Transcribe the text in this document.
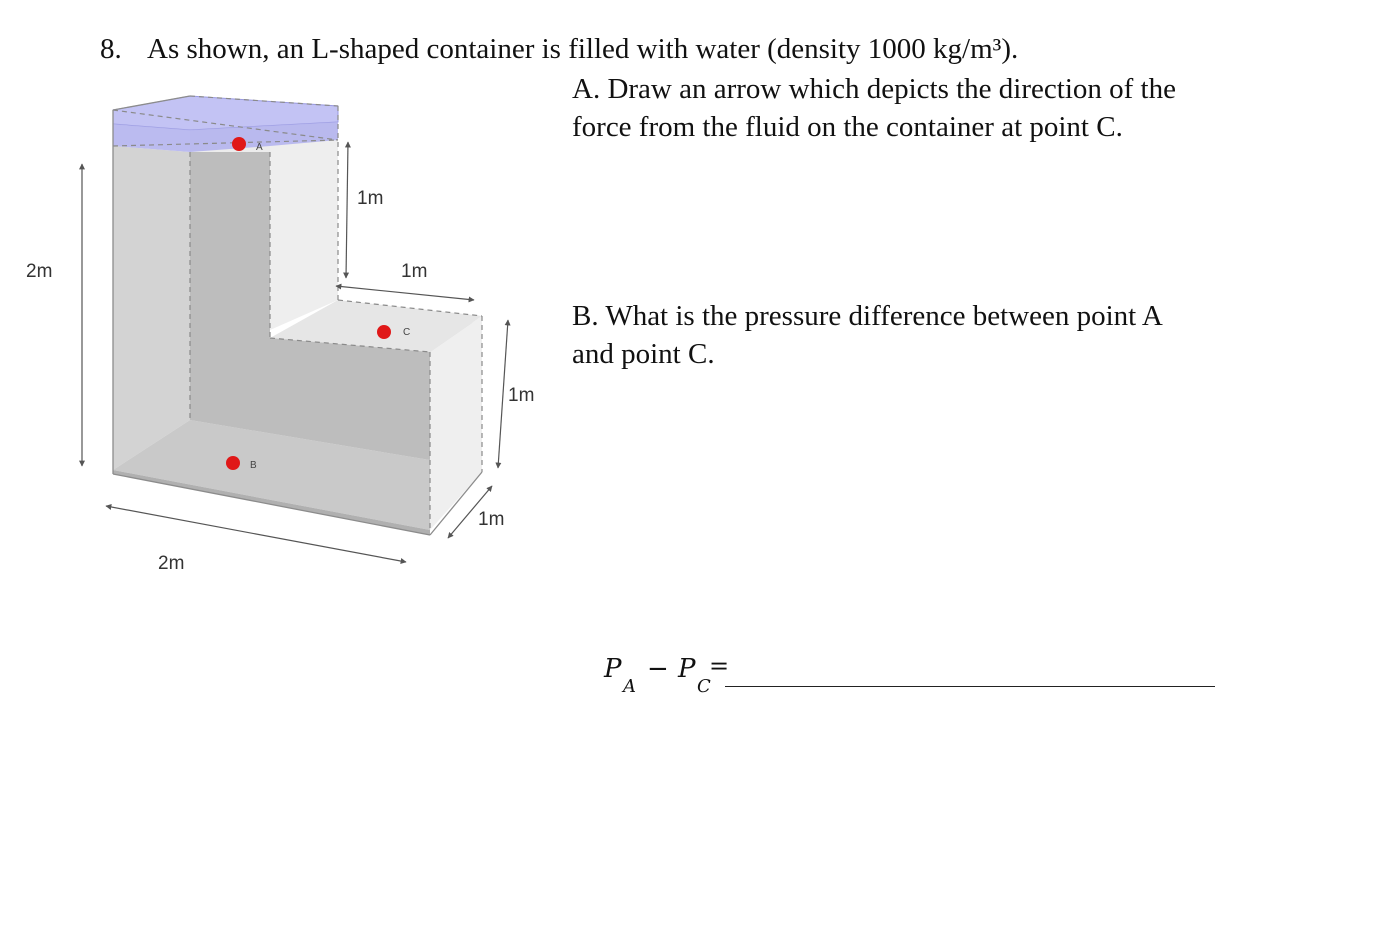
8. As shown, an L-shaped container is filled with water (density 1000 kg/m³).
A. Draw an arrow which depicts the direction of the
force from the fluid on the container at point C.
B. What is the pressure difference between point A
and point C.
A
C
B
2m
1m
1m
1m
1m
2m
P
A
− P
C
=
